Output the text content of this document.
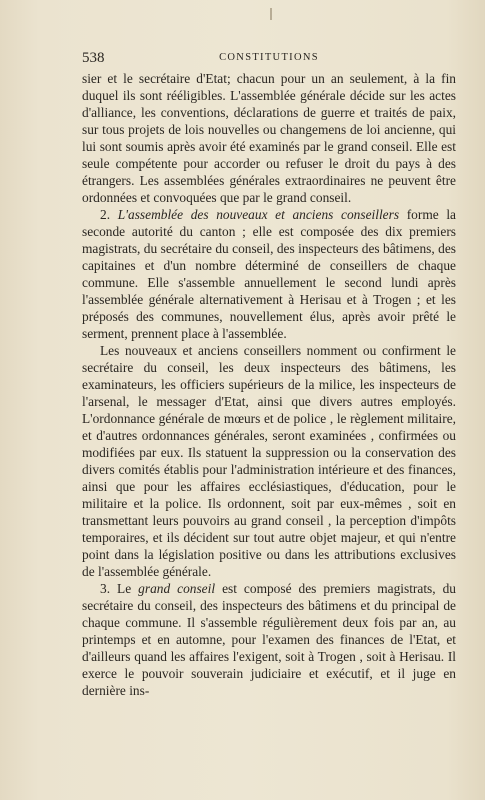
538	CONSTITUTIONS

sier et le secrétaire d'Etat; chacun pour un an seulement, à la fin duquel ils sont rééligibles. L'assemblée générale décide sur les actes d'alliance, les conventions, déclarations de guerre et traités de paix, sur tous projets de lois nouvelles ou changemens de loi ancienne, qui lui sont soumis après avoir été examinés par le grand conseil. Elle est seule compétente pour accorder ou refuser le droit du pays à des étrangers. Les assemblées générales extraordinaires ne peuvent être ordonnées et convoquées que par le grand conseil.

2. L'assemblée des nouveaux et anciens conseillers forme la seconde autorité du canton ; elle est composée des dix premiers magistrats, du secrétaire du conseil, des inspecteurs des bâtimens, des capitaines et d'un nombre déterminé de conseillers de chaque commune. Elle s'assemble annuellement le second lundi après l'assemblée générale alternativement à Herisau et à Trogen ; et les préposés des communes, nouvellement élus, après avoir prêté le serment, prennent place à l'assemblée.

Les nouveaux et anciens conseillers nomment ou confirment le secrétaire du conseil, les deux inspecteurs des bâtimens, les examinateurs, les officiers supérieurs de la milice, les inspecteurs de l'arsenal, le messager d'Etat, ainsi que divers autres employés. L'ordonnance générale de mœurs et de police , le règlement militaire, et d'autres ordonnances générales, seront examinées , confirmées ou modifiées par eux. Ils statuent la suppression ou la conservation des divers comités établis pour l'administration intérieure et des finances, ainsi que pour les affaires ecclésiastiques, d'éducation, pour le militaire et la police. Ils ordonnent, soit par eux-mêmes , soit en transmettant leurs pouvoirs au grand conseil , la perception d'impôts temporaires, et ils décident sur tout autre objet majeur, et qui n'entre point dans la législation positive ou dans les attributions exclusives de l'assemblée générale.

3. Le grand conseil est composé des premiers magistrats, du secrétaire du conseil, des inspecteurs des bâtimens et du principal de chaque commune. Il s'assemble régulièrement deux fois par an, au printemps et en automne, pour l'examen des finances de l'Etat, et d'ailleurs quand les affaires l'exigent, soit à Trogen , soit à Herisau. Il exerce le pouvoir souverain judiciaire et exécutif, et il juge en dernière ins-
